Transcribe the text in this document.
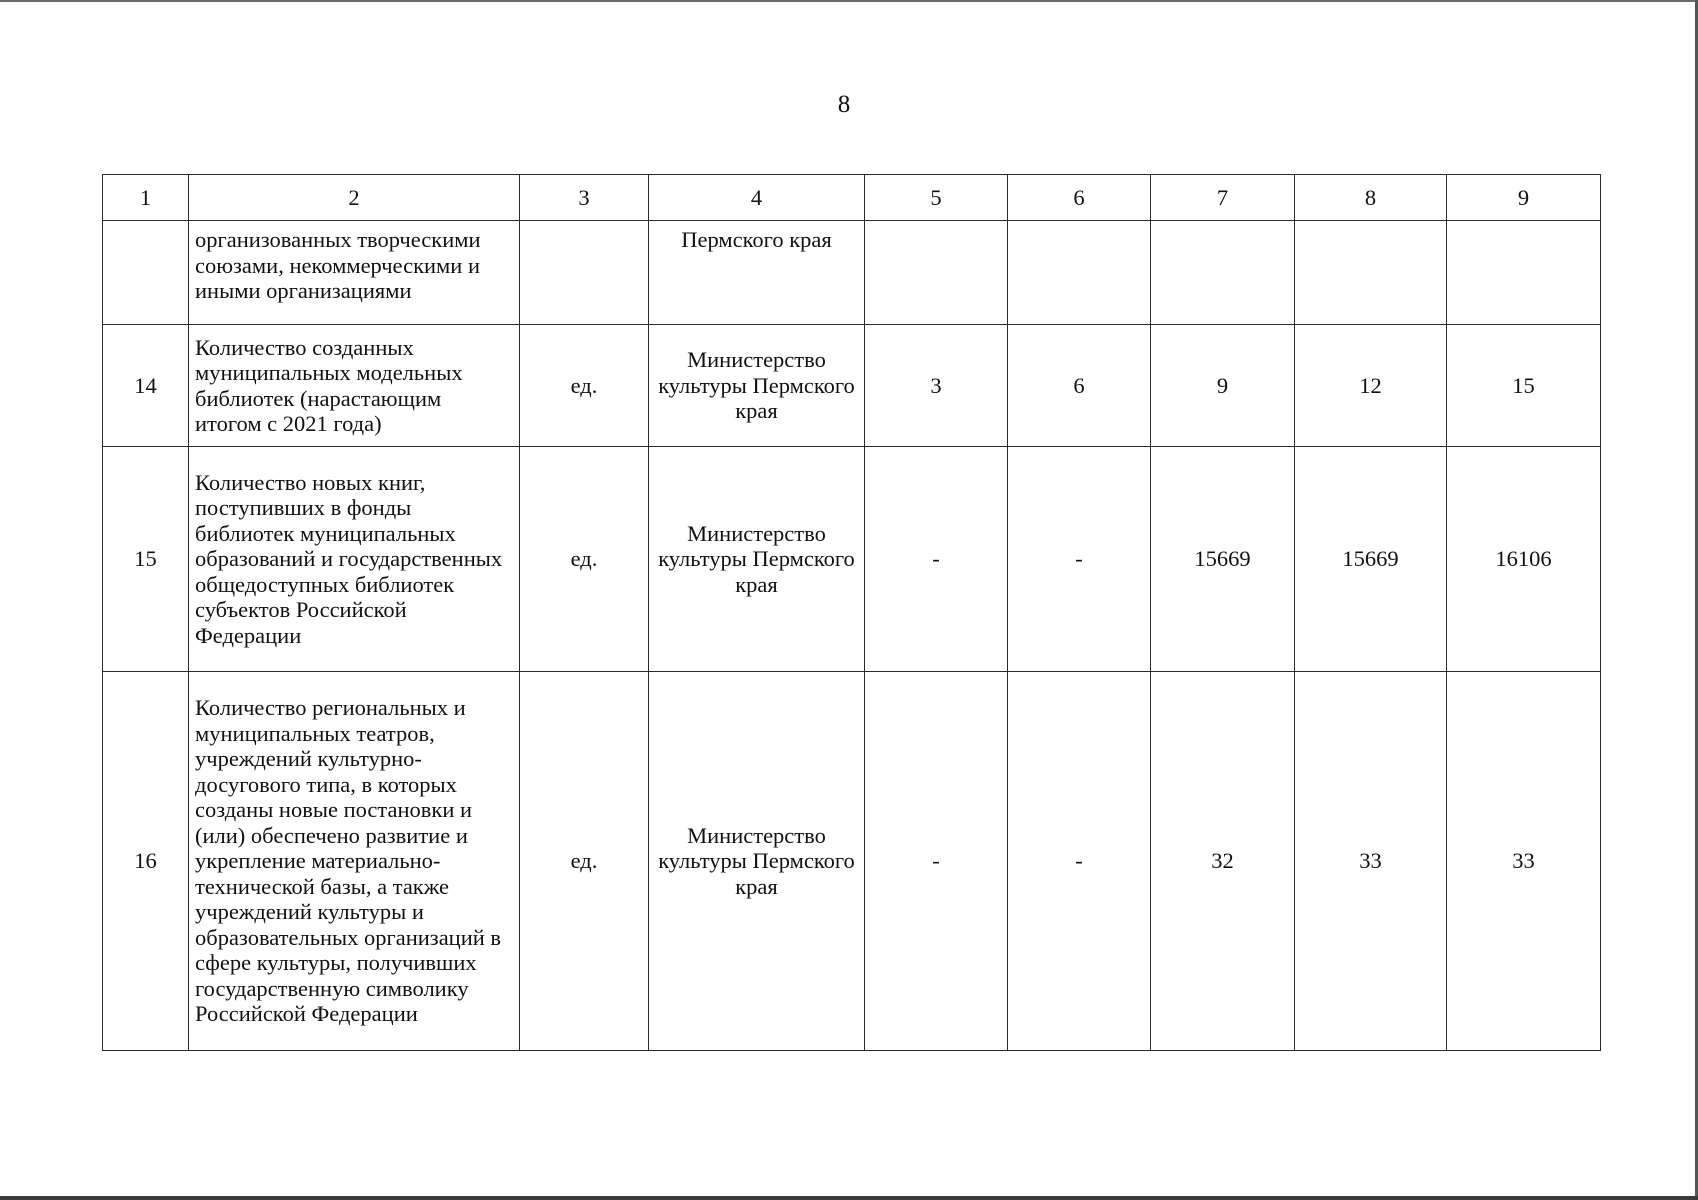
8
1	2	3	4	5	6	7	8	9
	организованных творческими союзами, некоммерческими и иными организациями		Пермского края					
14	Количество созданных муниципальных модельных библиотек (нарастающим итогом с 2021 года)	ед.	Министерство культуры Пермского края	3	6	9	12	15
15	Количество новых книг, поступивших в фонды библиотек муниципальных образований и государственных общедоступных библиотек субъектов Российской Федерации	ед.	Министерство культуры Пермского края	-	-	15669	15669	16106
16	Количество региональных и муниципальных театров, учреждений культурно-досугового типа, в которых созданы новые постановки и (или) обеспечено развитие и укрепление материально-технической базы, а также учреждений культуры и образовательных организаций в сфере культуры, получивших государственную символику Российской Федерации	ед.	Министерство культуры Пермского края	-	-	32	33	33
